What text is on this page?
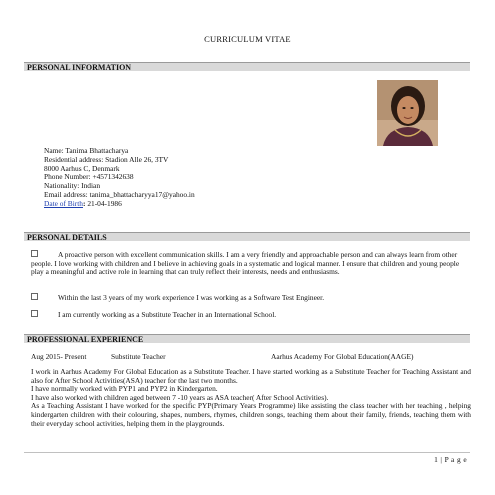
CURRICULUM VITAE
PERSONAL INFORMATION
Name: Tanima Bhattacharya
Residential address: Stadion Alle 26, 3TV
8000 Aarhus C, Denmark
Phone Number: +4571342638
Nationality: Indian
Email address: tanima_bhattacharyya17@yahoo.in
Date of Birth: 21-04-1986
PERSONAL DETAILS
A proactive person with excellent communication skills. I am a very friendly and approachable person and can always learn from other people. I love working with children and I believe in achieving goals in a systematic and logical manner. I ensure that children and young people play a meaningful and active role in learning that can truly reflect their interests, needs and enthusiasms.
Within the last 3 years of my work experience I was working as a Software Test Engineer.
I am currently working as a Substitute Teacher in an International School.
PROFESSIONAL EXPERIENCE
Aug 2015- Present	Substitute Teacher	Aarhus Academy For Global Education(AAGE)

I work in Aarhus Academy For Global Education as a Substitute Teacher. I have started working as a Substitute Teacher for Teaching Assistant and also for After School Activities(ASA) teacher for the last two months.

I have normally worked with PYP1 and PYP2 in Kindergarten.

I have also worked with children aged between 7 -10 years as ASA teacher( After School Activities).

As a Teaching Assistant I have worked for the specific PYP(Primary Years Programme) like assisting the class teacher with her teaching , helping kindergarten children with their colouring, shapes, numbers, rhymes, children songs, teaching them about their family, friends, teaching them with their everyday school activities, helping them in the playgrounds.

1 | P a g e
